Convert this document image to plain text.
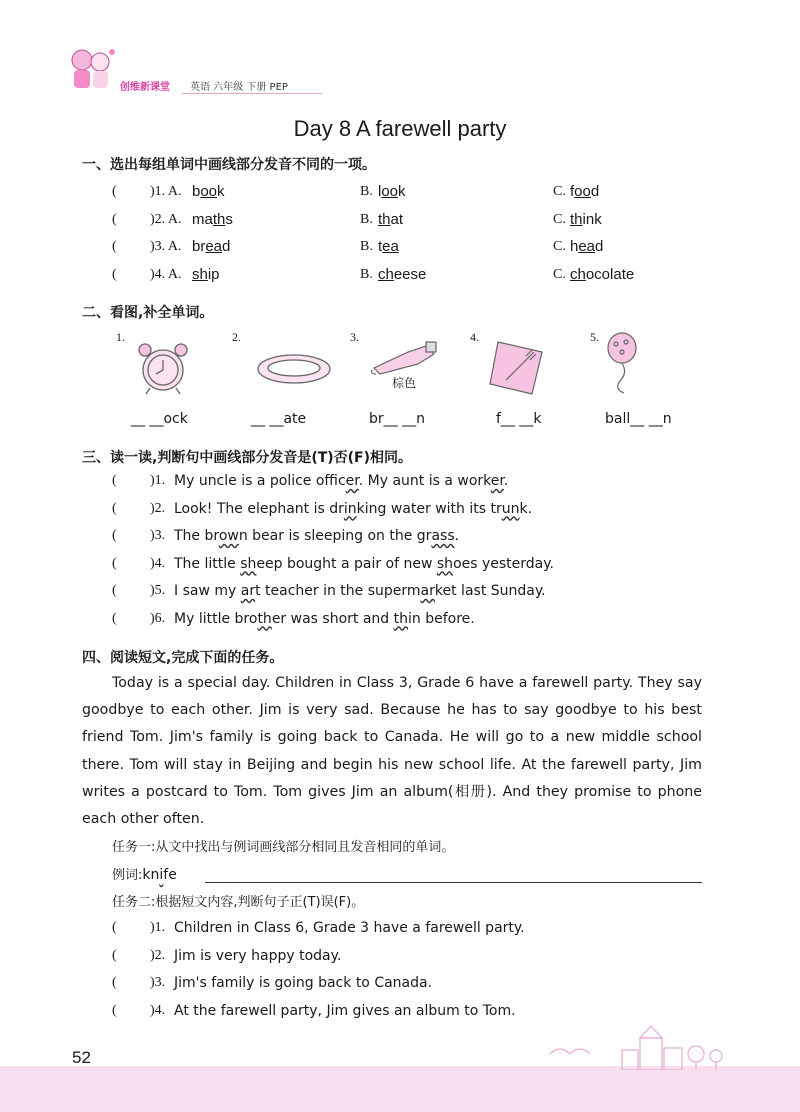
创维新课堂 英语 六年级 下册 PEP
Day 8 A farewell party
一、选出每组单词中画线部分发音不同的一项。
( )1. A. book	B. look	C. food
( )2. A. maths	B. that	C. think
( )3. A. bread	B. tea	C. head
( )4. A. ship	B. cheese	C. chocolate
二、看图,补全单词。
1.
__ __ock
2.
__ __ate
3.
棕色
br__ __n
4.
f__ __k
5.
ball__ __n
三、读一读,判断句中画线部分发音是(T)否(F)相同。
( )1. My uncle is a police officer. My aunt is a worker.
( )2. Look! The elephant is drinking water with its trunk.
( )3. The brown bear is sleeping on the grass.
( )4. The little sheep bought a pair of new shoes yesterday.
( )5. I saw my art teacher in the supermarket last Sunday.
( )6. My little brother was short and thin before.
四、阅读短文,完成下面的任务。
Today is a special day. Children in Class 3, Grade 6 have a farewell party. They say goodbye to each other. Jim is very sad. Because he has to say goodbye to his best friend Tom. Jim's family is going back to Canada. He will go to a new middle school there. Tom will stay in Beijing and begin his new school life. At the farewell party, Jim writes a postcard to Tom. Tom gives Jim an album(相册). And they promise to phone each other often.
任务一:从文中找出与例词画线部分相同且发音相同的单词。
例词:knife
任务二:根据短文内容,判断句子正(T)误(F)。
( )1. Children in Class 6, Grade 3 have a farewell party.
( )2. Jim is very happy today.
( )3. Jim's family is going back to Canada.
( )4. At the farewell party, Jim gives an album to Tom.
52
